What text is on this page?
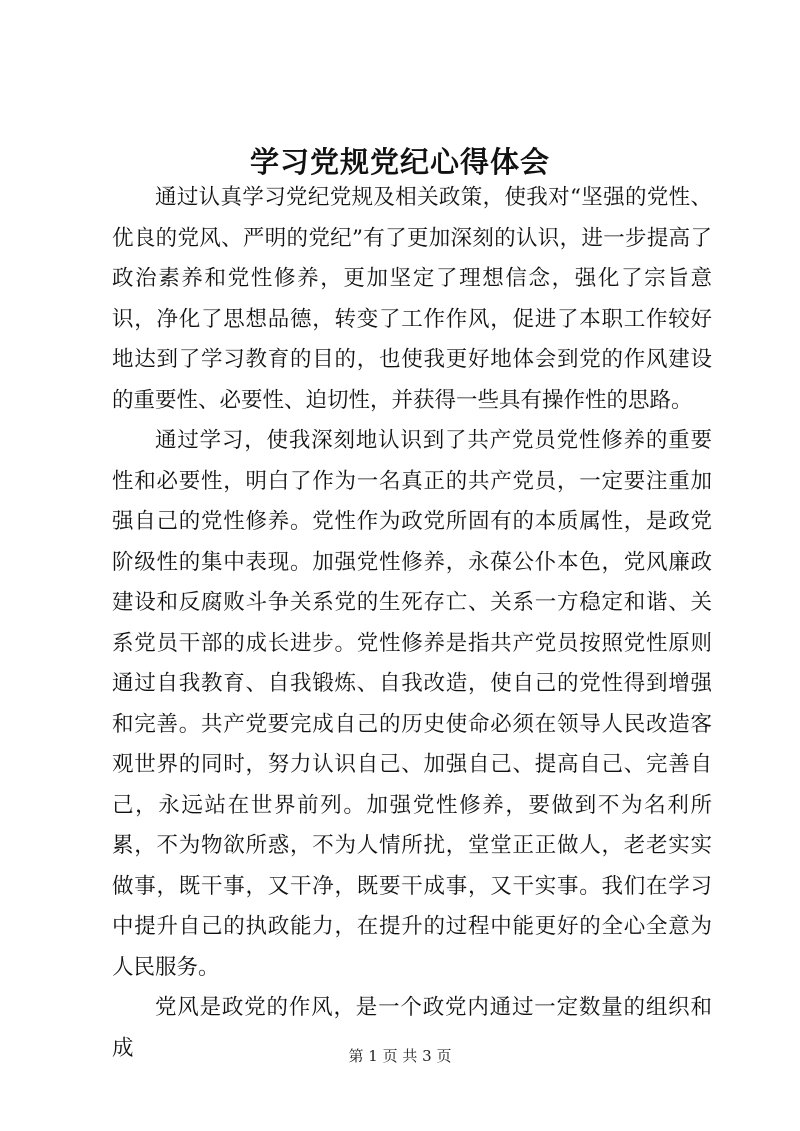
学习党规党纪心得体会

通过认真学习党纪党规及相关政策，使我对“坚强的党性、优良的党风、严明的党纪”有了更加深刻的认识，进一步提高了政治素养和党性修养，更加坚定了理想信念，强化了宗旨意识，净化了思想品德，转变了工作作风，促进了本职工作较好地达到了学习教育的目的，也使我更好地体会到党的作风建设的重要性、必要性、迫切性，并获得一些具有操作性的思路。

通过学习，使我深刻地认识到了共产党员党性修养的重要性和必要性，明白了作为一名真正的共产党员，一定要注重加强自己的党性修养。党性作为政党所固有的本质属性，是政党阶级性的集中表现。加强党性修养，永葆公仆本色，党风廉政建设和反腐败斗争关系党的生死存亡、关系一方稳定和谐、关系党员干部的成长进步。党性修养是指共产党员按照党性原则通过自我教育、自我锻炼、自我改造，使自己的党性得到增强和完善。共产党要完成自己的历史使命必须在领导人民改造客观世界的同时，努力认识自己、加强自己、提高自己、完善自己，永远站在世界前列。加强党性修养，要做到不为名利所累，不为物欲所惑，不为人情所扰，堂堂正正做人，老老实实做事，既干事，又干净，既要干成事，又干实事。我们在学习中提升自己的执政能力，在提升的过程中能更好的全心全意为人民服务。

党风是政党的作风，是一个政党内通过一定数量的组织和成	第 1 页 共 3 页
